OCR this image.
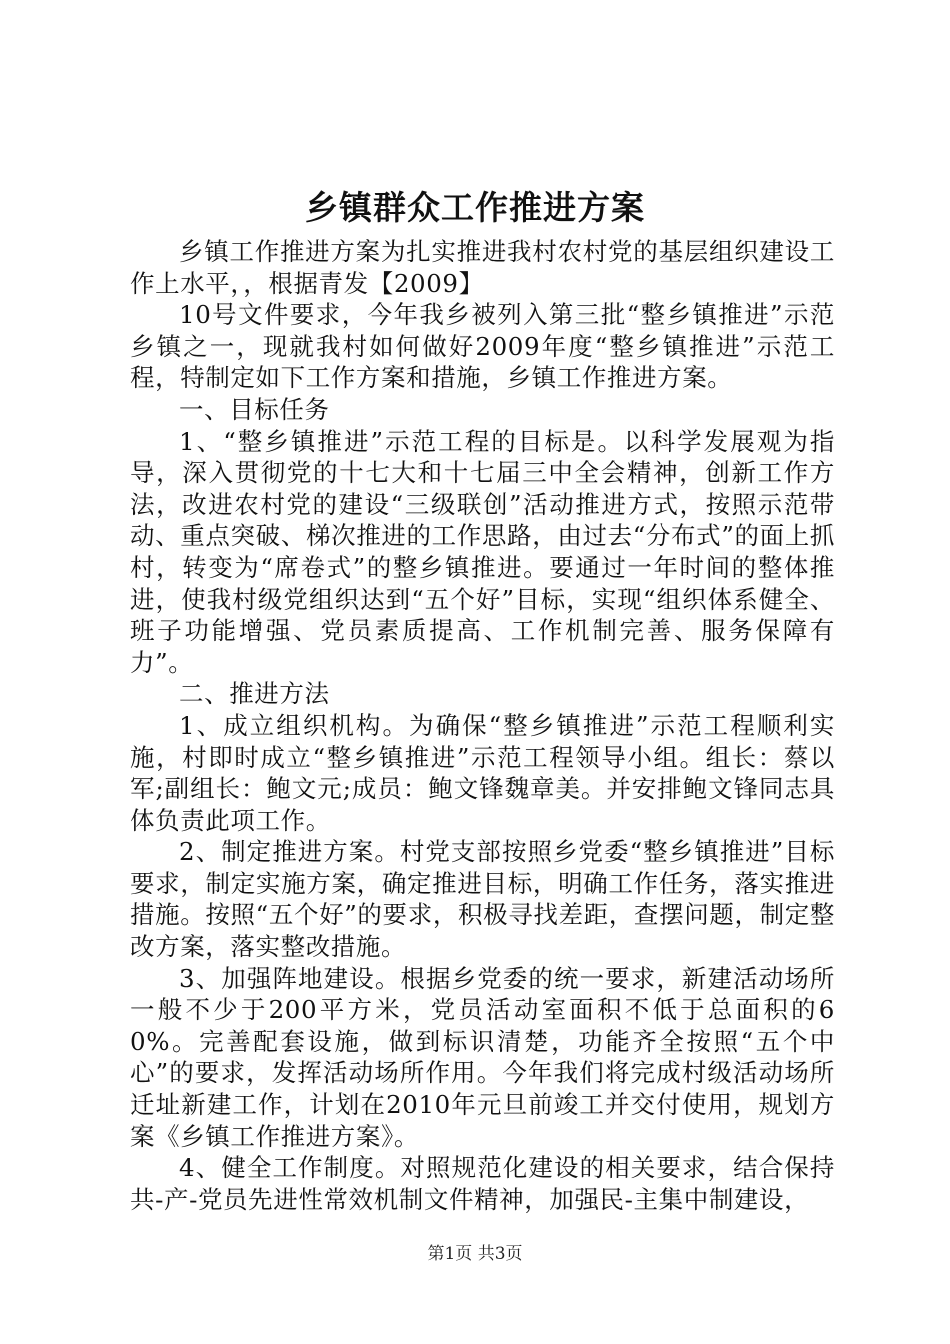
乡镇群众工作推进方案

乡镇工作推进方案为扎实推进我村农村党的基层组织建设工作上水平，，根据青发【2009】

10号文件要求，今年我乡被列入第三批“整乡镇推进”示范乡镇之一，现就我村如何做好2009年度“整乡镇推进”示范工程，特制定如下工作方案和措施，乡镇工作推进方案。

一、目标任务

1、“整乡镇推进”示范工程的目标是。以科学发展观为指导，深入贯彻党的十七大和十七届三中全会精神，创新工作方法，改进农村党的建设“三级联创”活动推进方式，按照示范带动、重点突破、梯次推进的工作思路，由过去“分布式”的面上抓村，转变为“席卷式”的整乡镇推进。要通过一年时间的整体推进，使我村级党组织达到“五个好”目标，实现“组织体系健全、班子功能增强、党员素质提高、工作机制完善、服务保障有力”。

二、推进方法

1、成立组织机构。为确保“整乡镇推进”示范工程顺利实施，村即时成立“整乡镇推进”示范工程领导小组。组长：蔡以军;副组长：鲍文元;成员：鲍文锋魏章美。并安排鲍文锋同志具体负责此项工作。

2、制定推进方案。村党支部按照乡党委“整乡镇推进”目标要求，制定实施方案，确定推进目标，明确工作任务，落实推进措施。按照“五个好”的要求，积极寻找差距，查摆问题，制定整改方案，落实整改措施。

3、加强阵地建设。根据乡党委的统一要求，新建活动场所一般不少于200平方米，党员活动室面积不低于总面积的60%。完善配套设施，做到标识清楚，功能齐全按照“五个中心”的要求，发挥活动场所作用。今年我们将完成村级活动场所迁址新建工作，计划在2010年元旦前竣工并交付使用，规划方案《乡镇工作推进方案》。

4、健全工作制度。对照规范化建设的相关要求，结合保持共-产-党员先进性常效机制文件精神，加强民-主集中制建设，

第1页 共3页
